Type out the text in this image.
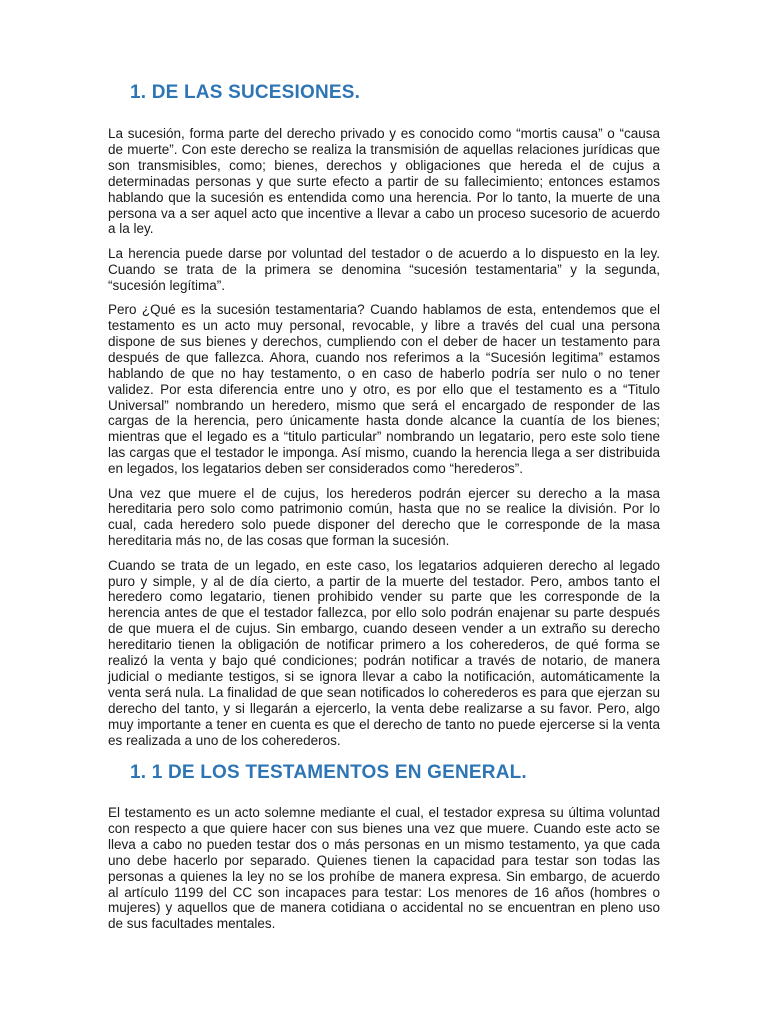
1. DE LAS SUCESIONES.

La sucesión, forma parte del derecho privado y es conocido como “mortis causa” o “causa de muerte”. Con este derecho se realiza la transmisión de aquellas relaciones jurídicas que son transmisibles, como; bienes, derechos y obligaciones que hereda el de cujus a determinadas personas y que surte efecto a partir de su fallecimiento; entonces estamos hablando que la sucesión es entendida como una herencia. Por lo tanto, la muerte de una persona va a ser aquel acto que incentive a llevar a cabo un proceso sucesorio de acuerdo a la ley.

La herencia puede darse por voluntad del testador o de acuerdo a lo dispuesto en la ley. Cuando se trata de la primera se denomina “sucesión testamentaria” y la segunda, “sucesión legítima”.

Pero ¿Qué es la sucesión testamentaria? Cuando hablamos de esta, entendemos que el testamento es un acto muy personal, revocable, y libre a través del cual una persona dispone de sus bienes y derechos, cumpliendo con el deber de hacer un testamento para después de que fallezca. Ahora, cuando nos referimos a la “Sucesión legitima” estamos hablando de que no hay testamento, o en caso de haberlo podría ser nulo o no tener validez. Por esta diferencia entre uno y otro, es por ello que el testamento es a “Titulo Universal” nombrando un heredero, mismo que será el encargado de responder de las cargas de la herencia, pero únicamente hasta donde alcance la cuantía de los bienes; mientras que el legado es a “titulo particular” nombrando un legatario, pero este solo tiene las cargas que el testador le imponga. Así mismo, cuando la herencia llega a ser distribuida en legados, los legatarios deben ser considerados como “herederos”.

Una vez que muere el de cujus, los herederos podrán ejercer su derecho a la masa hereditaria pero solo como patrimonio común, hasta que no se realice la división. Por lo cual, cada heredero solo puede disponer del derecho que le corresponde de la masa hereditaria más no, de las cosas que forman la sucesión.

Cuando se trata de un legado, en este caso, los legatarios adquieren derecho al legado puro y simple, y al de día cierto, a partir de la muerte del testador. Pero, ambos tanto el heredero como legatario, tienen prohibido vender su parte que les corresponde de la herencia antes de que el testador fallezca, por ello solo podrán enajenar su parte después de que muera el de cujus. Sin embargo, cuando deseen vender a un extraño su derecho hereditario tienen la obligación de notificar primero a los coherederos, de qué forma se realizó la venta y bajo qué condiciones; podrán notificar a través de notario, de manera judicial o mediante testigos, si se ignora llevar a cabo la notificación, automáticamente la venta será nula. La finalidad de que sean notificados lo coherederos es para que ejerzan su derecho del tanto, y si llegarán a ejercerlo, la venta debe realizarse a su favor. Pero, algo muy importante a tener en cuenta es que el derecho de tanto no puede ejercerse si la venta es realizada a uno de los coherederos.

1. 1 DE LOS TESTAMENTOS EN GENERAL.

El testamento es un acto solemne mediante el cual, el testador expresa su última voluntad con respecto a que quiere hacer con sus bienes una vez que muere. Cuando este acto se lleva a cabo no pueden testar dos o más personas en un mismo testamento, ya que cada uno debe hacerlo por separado. Quienes tienen la capacidad para testar son todas las personas a quienes la ley no se los prohíbe de manera expresa. Sin embargo, de acuerdo al artículo 1199 del CC son incapaces para testar: Los menores de 16 años (hombres o mujeres) y aquellos que de manera cotidiana o accidental no se encuentran en pleno uso de sus facultades mentales.
